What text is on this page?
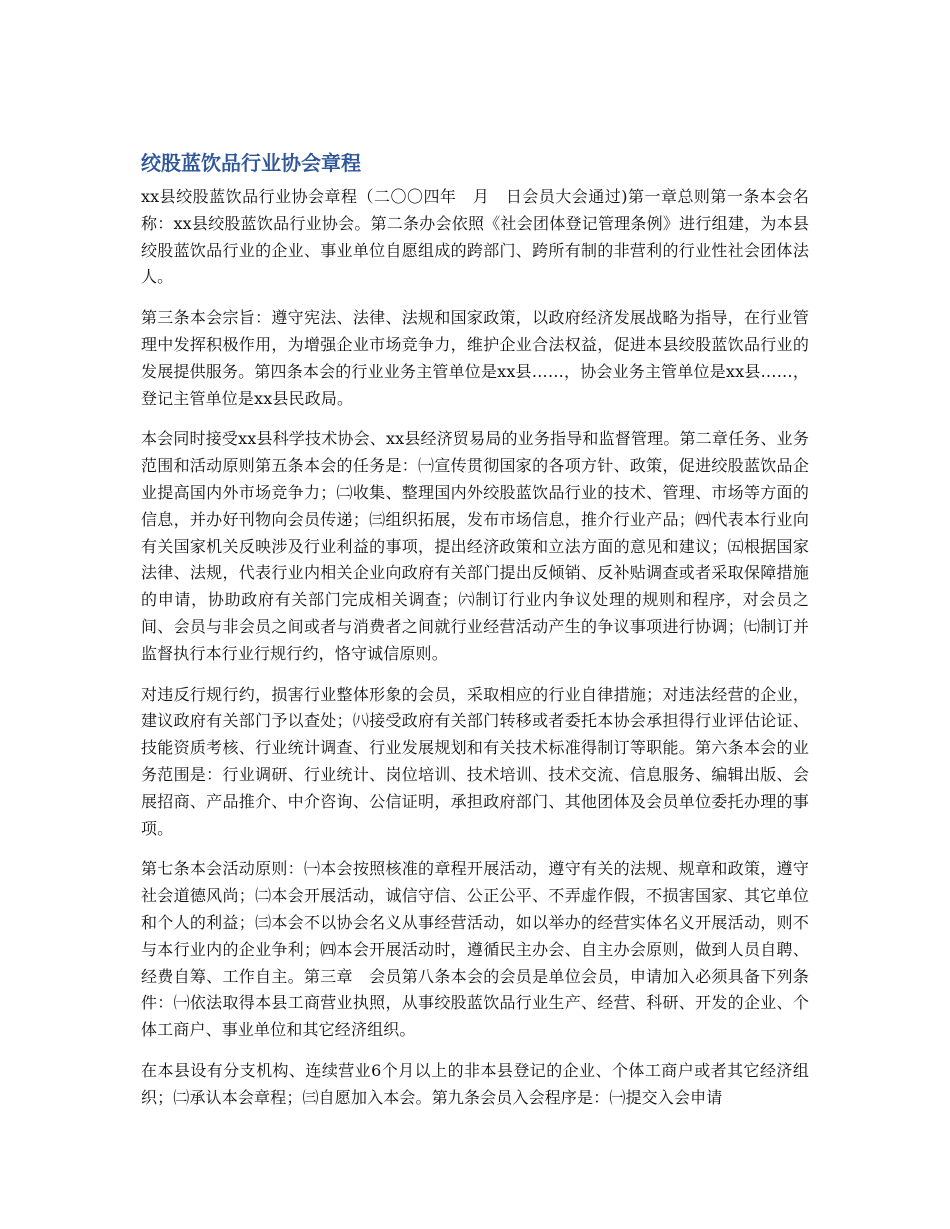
绞股蓝饮品行业协会章程

xx县绞股蓝饮品行业协会章程（二〇〇四年　月　日会员大会通过)第一章总则第一条本会名称：xx县绞股蓝饮品行业协会。第二条办会依照《社会团体登记管理条例》进行组建，为本县绞股蓝饮品行业的企业、事业单位自愿组成的跨部门、跨所有制的非营利的行业性社会团体法人。

第三条本会宗旨：遵守宪法、法律、法规和国家政策，以政府经济发展战略为指导，在行业管理中发挥积极作用，为增强企业市场竞争力，维护企业合法权益，促进本县绞股蓝饮品行业的发展提供服务。第四条本会的行业业务主管单位是xx县……，协会业务主管单位是xx县……，登记主管单位是xx县民政局。

本会同时接受xx县科学技术协会、xx县经济贸易局的业务指导和监督管理。第二章任务、业务范围和活动原则第五条本会的任务是：㈠宣传贯彻国家的各项方针、政策，促进绞股蓝饮品企业提高国内外市场竞争力；㈡收集、整理国内外绞股蓝饮品行业的技术、管理、市场等方面的信息，并办好刊物向会员传递；㈢组织拓展，发布市场信息，推介行业产品；㈣代表本行业向有关国家机关反映涉及行业利益的事项，提出经济政策和立法方面的意见和建议；㈤根据国家法律、法规，代表行业内相关企业向政府有关部门提出反倾销、反补贴调查或者采取保障措施的申请，协助政府有关部门完成相关调查；㈥制订行业内争议处理的规则和程序，对会员之间、会员与非会员之间或者与消费者之间就行业经营活动产生的争议事项进行协调；㈦制订并监督执行本行业行规行约，恪守诚信原则。

对违反行规行约，损害行业整体形象的会员，采取相应的行业自律措施；对违法经营的企业，建议政府有关部门予以查处；㈧接受政府有关部门转移或者委托本协会承担得行业评估论证、技能资质考核、行业统计调查、行业发展规划和有关技术标准得制订等职能。第六条本会的业务范围是：行业调研、行业统计、岗位培训、技术培训、技术交流、信息服务、编辑出版、会展招商、产品推介、中介咨询、公信证明，承担政府部门、其他团体及会员单位委托办理的事项。

第七条本会活动原则：㈠本会按照核准的章程开展活动，遵守有关的法规、规章和政策，遵守社会道德风尚；㈡本会开展活动，诚信守信、公正公平、不弄虚作假，不损害国家、其它单位和个人的利益；㈢本会不以协会名义从事经营活动，如以举办的经营实体名义开展活动，则不与本行业内的企业争利；㈣本会开展活动时，遵循民主办会、自主办会原则，做到人员自聘、经费自筹、工作自主。第三章　会员第八条本会的会员是单位会员，申请加入必须具备下列条件：㈠依法取得本县工商营业执照，从事绞股蓝饮品行业生产、经营、科研、开发的企业、个体工商户、事业单位和其它经济组织。

在本县设有分支机构、连续营业6个月以上的非本县登记的企业、个体工商户或者其它经济组织；㈡承认本会章程；㈢自愿加入本会。第九条会员入会程序是：㈠提交入会申请
